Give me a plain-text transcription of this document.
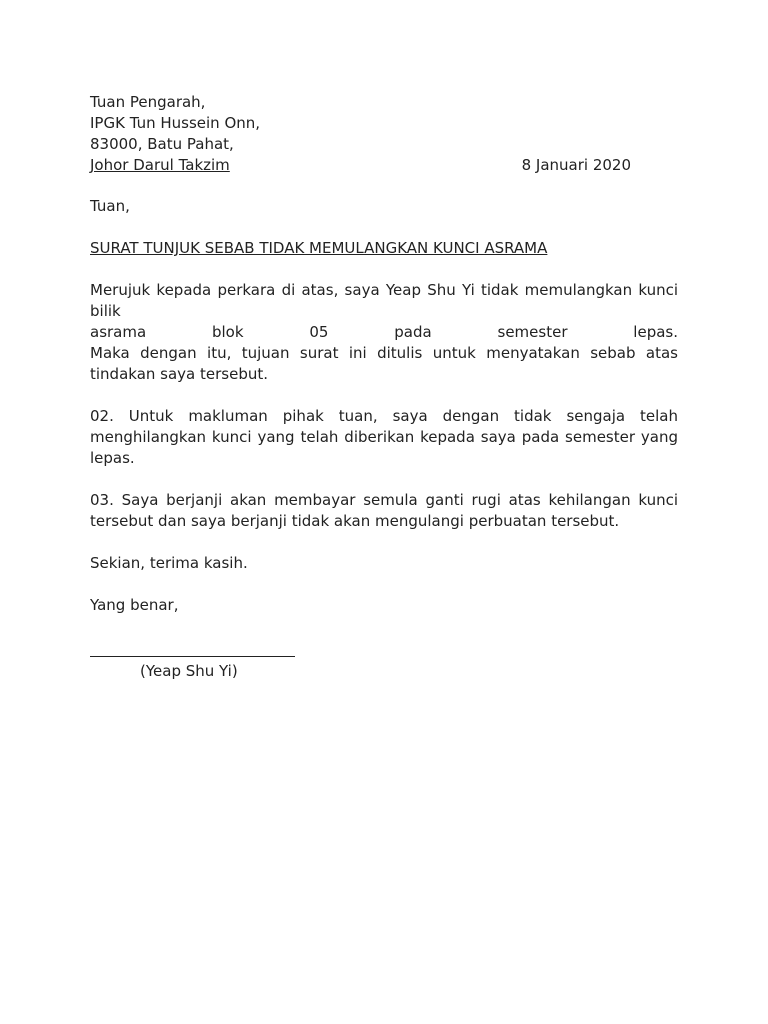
Tuan Pengarah,
IPGK Tun Hussein Onn,
83000, Batu Pahat,
Johor Darul Takzim	8 Januari 2020
Tuan,
SURAT TUNJUK SEBAB TIDAK MEMULANGKAN KUNCI ASRAMA
Merujuk kepada perkara di atas, saya Yeap Shu Yi tidak memulangkan kunci bilik
asrama blok 05 pada semester lepas.

Maka dengan itu, tujuan surat ini ditulis untuk menyatakan sebab atas tindakan saya tersebut.

02. Untuk makluman pihak tuan, saya dengan tidak sengaja telah menghilangkan kunci yang telah diberikan kepada saya pada semester yang lepas.

03. Saya berjanji akan membayar semula ganti rugi atas kehilangan kunci tersebut dan saya berjanji tidak akan mengulangi perbuatan tersebut.

Sekian, terima kasih.
Yang benar,
(Yeap Shu Yi)
